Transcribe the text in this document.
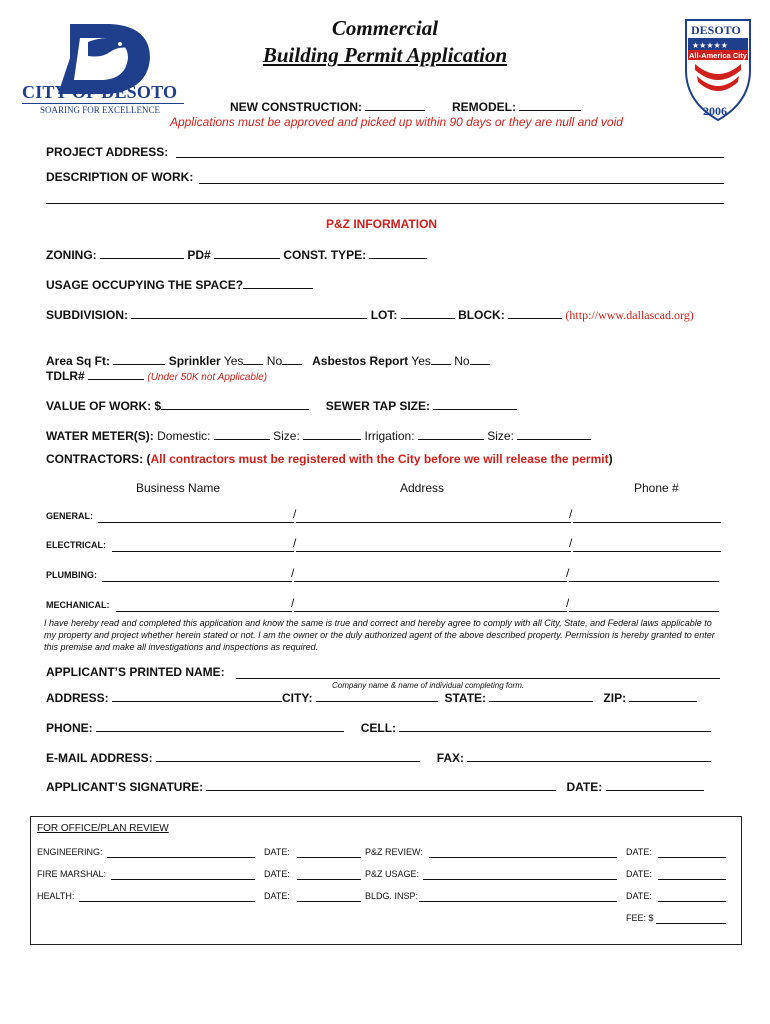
CITY OF DESOTO
SOARING FOR EXCELLENCE
★★★★★
DESOTO
All-America City
2006
Commercial
Building Permit Application
NEW CONSTRUCTION:	REMODEL:
Applications must be approved and picked up within 90 days or they are null and void
PROJECT ADDRESS:
DESCRIPTION OF WORK:
P&Z INFORMATION
ZONING:	PD#	CONST. TYPE:
USAGE OCCUPYING THE SPACE?
SUBDIVISION:	LOT:	BLOCK:	(http://www.dallascad.org)
Area Sq Ft:	Sprinkler Yes No	Asbestos Report Yes No
TDLR#	(Under 50K not Applicable)
VALUE OF WORK: $	SEWER TAP SIZE:
WATER METER(S): Domestic:	Size:	Irrigation:	Size:
CONTRACTORS: (All contractors must be registered with the City before we will release the permit)
Business Name	Address	Phone #
GENERAL:	/	/
ELECTRICAL:	/	/
PLUMBING:	/	/
MECHANICAL:	/	/
I have hereby read and completed this application and know the same is true and correct and hereby agree to comply with all City, State, and Federal laws applicable to my property and project whether herein stated or not. I am the owner or the duly authorized agent of the above described property. Permission is hereby granted to enter this premise and make all investigations and inspections as required.
APPLICANT’S PRINTED NAME:
Company name & name of individual completing form.
ADDRESS:	CITY:	STATE:	ZIP:
PHONE:	CELL:
E-MAIL ADDRESS:	FAX:
APPLICANT’S SIGNATURE:	DATE:
FOR OFFICE/PLAN REVIEW
ENGINEERING:	DATE:	P&Z REVIEW:	DATE:
FIRE MARSHAL:	DATE:	P&Z USAGE:	DATE:
HEALTH:	DATE:	BLDG. INSP:	DATE:
FEE: $
